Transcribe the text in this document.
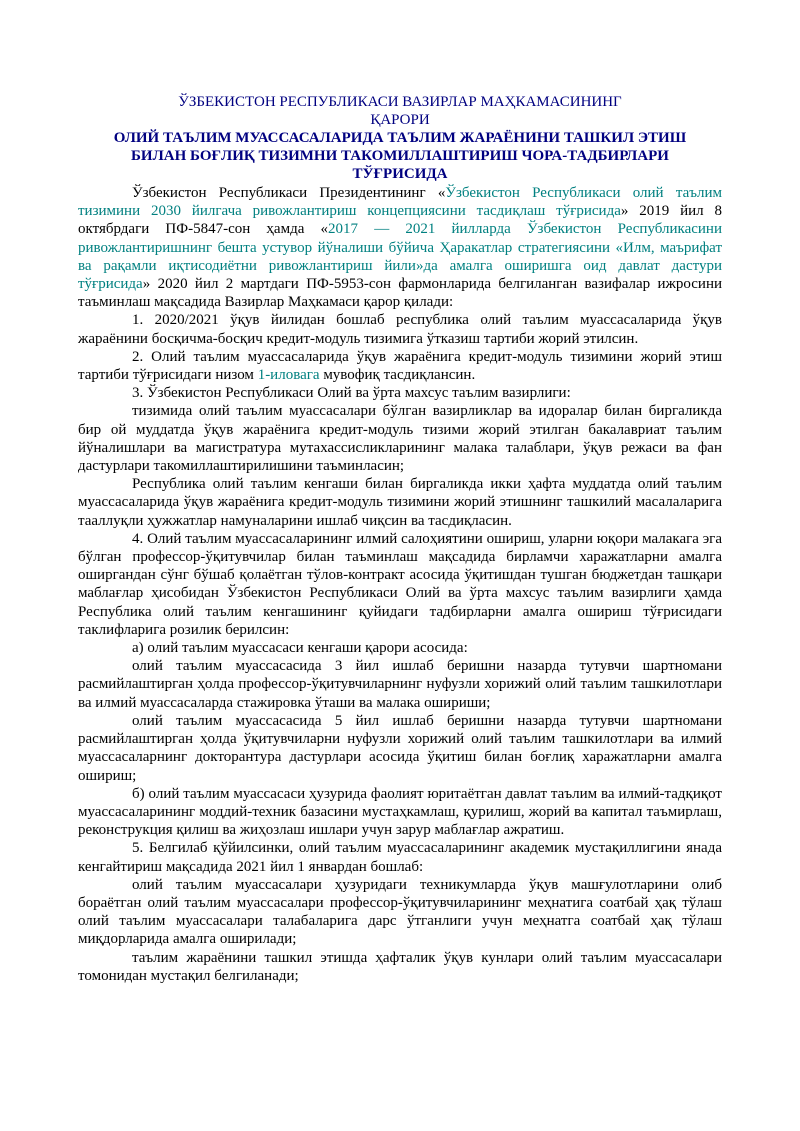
ЎЗБЕКИСТОН РЕСПУБЛИКАСИ ВАЗИРЛАР МАҲКАМАСИНИНГ
ҚАРОРИ
ОЛИЙ ТАЪЛИМ МУАССАСАЛАРИДА ТАЪЛИМ ЖАРАЁНИНИ ТАШКИЛ ЭТИШ БИЛАН БОҒЛИҚ ТИЗИМНИ ТАКОМИЛЛАШТИРИШ ЧОРА-ТАДБИРЛАРИ ТЎҒРИСИДА

Ўзбекистон Республикаси Президентининг «Ўзбекистон Республикаси олий таълим тизимини 2030 йилгача ривожлантириш концепциясини тасдиқлаш тўғрисида» 2019 йил 8 октябрдаги ПФ-5847-сон ҳамда «2017 — 2021 йилларда Ўзбекистон Республикасини ривожлантиришнинг бешта устувор йўналиши бўйича Ҳаракатлар стратегиясини «Илм, маърифат ва рақамли иқтисодиётни ривожлантириш йили»да амалга оширишга оид давлат дастури тўғрисида» 2020 йил 2 мартдаги ПФ-5953-сон фармонларида белгиланган вазифалар ижросини таъминлаш мақсадида Вазирлар Маҳкамаси қарор қилади:

1. 2020/2021 ўқув йилидан бошлаб республика олий таълим муассасаларида ўқув жараёнини босқичма-босқич кредит-модуль тизимига ўтказиш тартиби жорий этилсин.

2. Олий таълим муассасаларида ўқув жараёнига кредит-модуль тизимини жорий этиш тартиби тўғрисидаги низом 1-иловага мувофиқ тасдиқлансин.

3. Ўзбекистон Республикаси Олий ва ўрта махсус таълим вазирлиги:

тизимида олий таълим муассасалари бўлган вазирликлар ва идоралар билан биргаликда бир ой муддатда ўқув жараёнига кредит-модуль тизими жорий этилган бакалавриат таълим йўналишлари ва магистратура мутахассисликларининг малака талаблари, ўқув режаси ва фан дастурлари такомиллаштирилишини таъминласин;

Республика олий таълим кенгаши билан биргаликда икки ҳафта муддатда олий таълим муассасаларида ўқув жараёнига кредит-модуль тизимини жорий этишнинг ташкилий масалаларига тааллуқли ҳужжатлар намуналарини ишлаб чиқсин ва тасдиқласин.

4. Олий таълим муассасаларининг илмий салоҳиятини ошириш, уларни юқори малакага эга бўлган профессор-ўқитувчилар билан таъминлаш мақсадида бирламчи харажатларни амалга оширгандан сўнг бўшаб қолаётган тўлов-контракт асосида ўқитишдан тушган бюджетдан ташқари маблағлар ҳисобидан Ўзбекистон Республикаси Олий ва ўрта махсус таълим вазирлиги ҳамда Республика олий таълим кенгашининг қуйидаги тадбирларни амалга ошириш тўғрисидаги таклифларига розилик берилсин:

а) олий таълим муассасаси кенгаши қарори асосида:

олий таълим муассасасида 3 йил ишлаб беришни назарда тутувчи шартномани расмийлаштирган ҳолда профессор-ўқитувчиларнинг нуфузли хорижий олий таълим ташкилотлари ва илмий муассасаларда стажировка ўташи ва малака ошириши;

олий таълим муассасасида 5 йил ишлаб беришни назарда тутувчи шартномани расмийлаштирган ҳолда ўқитувчиларни нуфузли хорижий олий таълим ташкилотлари ва илмий муассасаларнинг докторантура дастурлари асосида ўқитиш билан боғлиқ харажатларни амалга ошириш;

б) олий таълим муассасаси ҳузурида фаолият юритаётган давлат таълим ва илмий-тадқиқот муассасаларининг моддий-техник базасини мустаҳкамлаш, қурилиш, жорий ва капитал таъмирлаш, реконструкция қилиш ва жиҳозлаш ишлари учун зарур маблағлар ажратиш.

5. Белгилаб қўйилсинки, олий таълим муассасаларининг академик мустақиллигини янада кенгайтириш мақсадида 2021 йил 1 январдан бошлаб:

олий таълим муассасалари ҳузуридаги техникумларда ўқув машғулотларини олиб бораётган олий таълим муассасалари профессор-ўқитувчиларининг меҳнатига соатбай ҳақ тўлаш олий таълим муассасалари талабаларига дарс ўтганлиги учун меҳнатга соатбай ҳақ тўлаш миқдорларида амалга оширилади;

таълим жараёнини ташкил этишда ҳафталик ўқув кунлари олий таълим муассасалари томонидан мустақил белгиланади;
